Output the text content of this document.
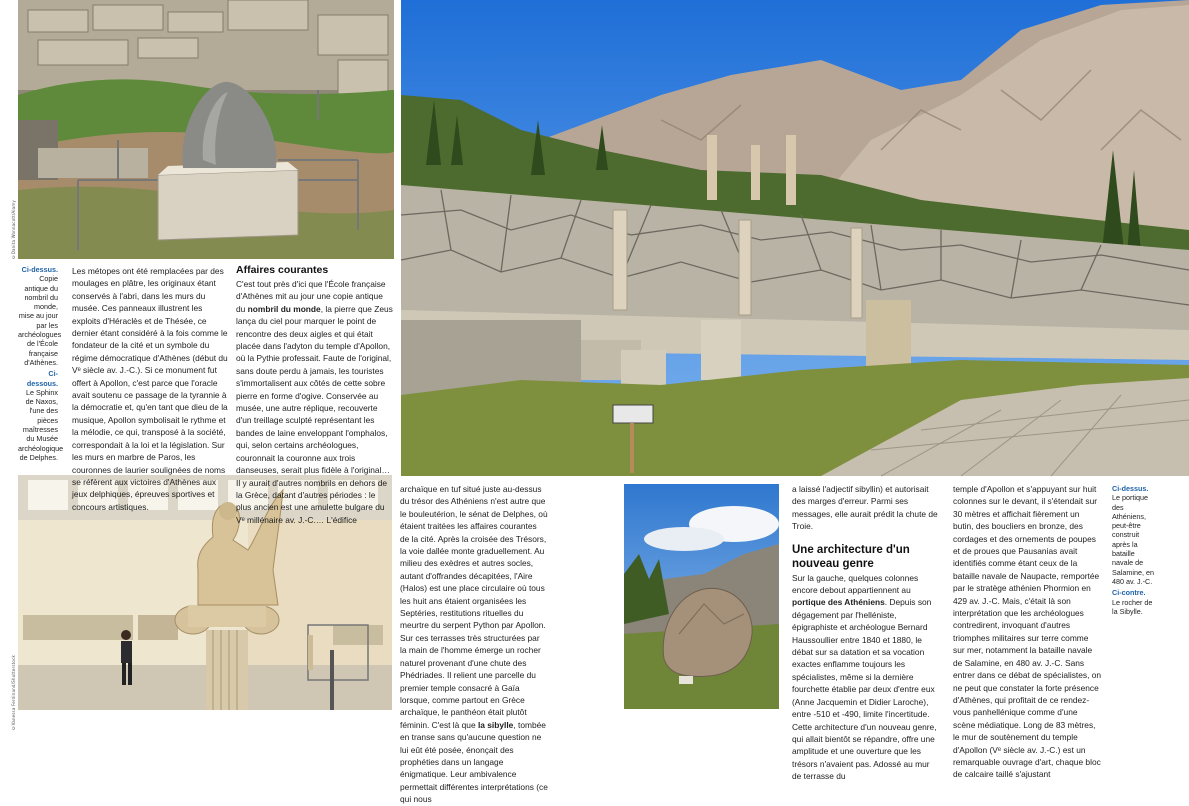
©Danita Wonnacott/Alamy
©Vanessa Ferdinand/Shutterstock

Ci-dessus.
Copie antique du nombril du monde, mise au jour par les archéologues de l'École française d'Athènes.

Ci-dessous.
Le Sphinx de Naxos, l'une des pièces maîtresses du Musée archéologique de Delphes.

Ci-dessus.
Le portique des Athéniens, peut-être construit après la bataille navale de Salamine, en 480 av. J.-C.

Ci-contre.
Le rocher de la Sibylle.

Les métopes ont été remplacées par des moulages en plâtre, les originaux étant conservés à l'abri, dans les murs du musée. Ces panneaux illustrent les exploits d'Héraclès et de Thésée, ce dernier étant considéré à la fois comme le fondateur de la cité et un symbole du régime démocratique d'Athènes (début du Vᵉ siècle av. J.-C.). Si ce monument fut offert à Apollon, c'est parce que l'oracle avait soutenu ce passage de la tyrannie à la démocratie et, qu'en tant que dieu de la musique, Apollon symbolisait le rythme et la mélodie, ce qui, transposé à la société, correspondait à la loi et la législation. Sur les murs en marbre de Paros, les couronnes de laurier soulignées de noms se réfèrent aux victoires d'Athènes aux jeux delphiques, épreuves sportives et concours artistiques.
Affaires courantes
C'est tout près d'ici que l'École française d'Athènes mit au jour une copie antique du nombril du monde, la pierre que Zeus lança du ciel pour marquer le point de rencontre des deux aigles et qui était placée dans l'adyton du temple d'Apollon, où la Pythie professait. Faute de l'original, sans doute perdu à jamais, les touristes s'immortalisent aux côtés de cette sobre pierre en forme d'ogive. Conservée au musée, une autre réplique, recouverte d'un treillage sculpté représentant les bandes de laine enveloppant l'omphalos, qui, selon certains archéologues, couronnait la couronne aux trois danseuses, serait plus fidèle à l'original… Il y aurait d'autres nombrils en dehors de la Grèce, datant d'autres périodes : le plus ancien est une amulette bulgare du Vᵉ millénaire av. J.-C.… L'édifice
archaïque en tuf situé juste au-dessus du trésor des Athéniens n'est autre que le bouleutérion, le sénat de Delphes, où étaient traitées les affaires courantes de la cité. Après la croisée des Trésors, la voie dallée monte graduellement. Au milieu des exèdres et autres socles, autant d'offrandes décapitées, l'Aire (Halos) est une place circulaire où tous les huit ans étaient organisées les Septéries, restitutions rituelles du meurtre du serpent Python par Apollon. Sur ces terrasses très structurées par la main de l'homme émerge un rocher naturel provenant d'une chute des Phédriades. Il relient une parcelle du premier temple consacré à Gaïa lorsque, comme partout en Grèce archaïque, le panthéon était plutôt féminin. C'est là que la sibylle, tombée en transe sans qu'aucune question ne lui eût été posée, énonçait des prophéties dans un langage énigmatique. Leur ambivalence permettait différentes interprétations (ce qui nous
a laissé l'adjectif sibyllin) et autorisait des marges d'erreur. Parmi ses messages, elle aurait prédit la chute de Troie.
Une architecture d'un nouveau genre
Sur la gauche, quelques colonnes encore debout appartiennent au portique des Athéniens. Depuis son dégagement par l'helléniste, épigraphiste et archéologue Bernard Haussoullier entre 1840 et 1880, le débat sur sa datation et sa vocation exactes enflamme toujours les spécialistes, même si la dernière fourchette établie par deux d'entre eux (Anne Jacquemin et Didier Laroche), entre -510 et -490, limite l'incertitude. Cette architecture d'un nouveau genre, qui allait bientôt se répandre, offre une amplitude et une ouverture que les trésors n'avaient pas. Adossé au mur de terrasse du
temple d'Apollon et s'appuyant sur huit colonnes sur le devant, il s'étendait sur 30 mètres et affichait fièrement un butin, des boucliers en bronze, des cordages et des ornements de poupes et de proues que Pausanias avait identifiés comme étant ceux de la bataille navale de Naupacte, remportée par le stratège athénien Phormion en 429 av. J.-C. Mais, c'était là son interprétation que les archéologues contredirent, invoquant d'autres triomphes militaires sur terre comme sur mer, notamment la bataille navale de Salamine, en 480 av. J.-C. Sans entrer dans ce débat de spécialistes, on ne peut que constater la forte présence d'Athènes, qui profitait de ce rendez-vous panhellénique comme d'une scène médiatique. Long de 83 mètres, le mur de soutènement du temple d'Apollon (Vᵉ siècle av. J.-C.) est un remarquable ouvrage d'art, chaque bloc de calcaire taillé s'ajustant
